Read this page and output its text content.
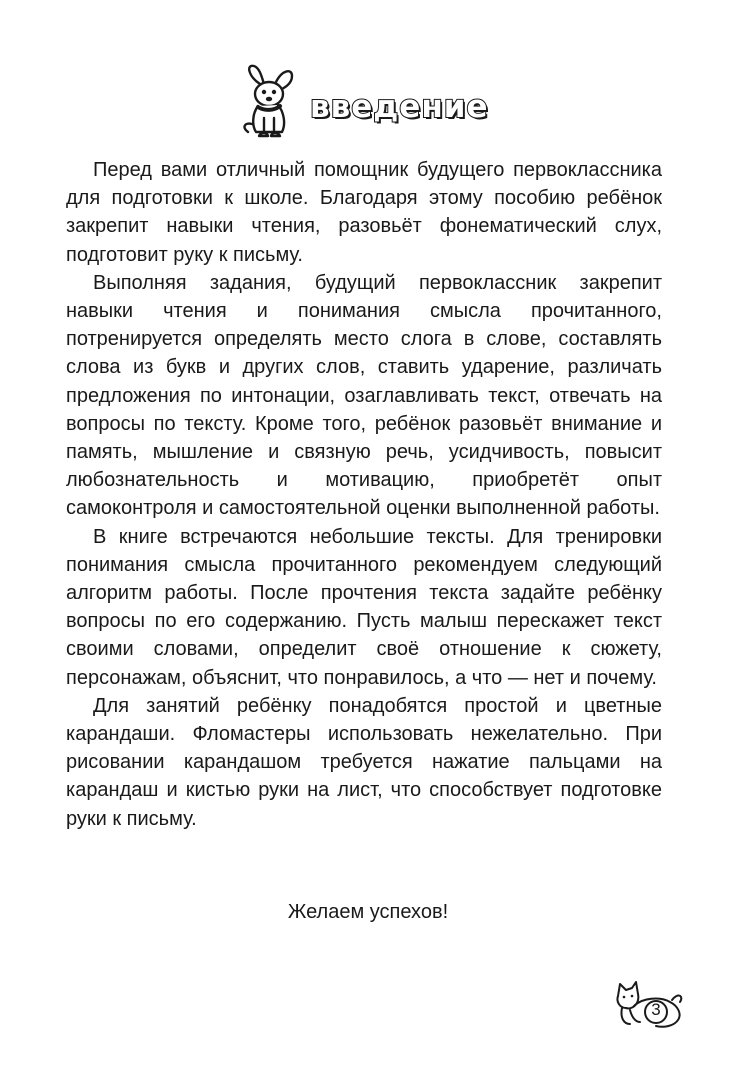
введение

Перед вами отличный помощник будущего первоклассника для подготовки к школе. Благодаря этому пособию ребёнок закрепит навыки чтения, разовьёт фонематический слух, подготовит руку к письму.

Выполняя задания, будущий первоклассник закрепит навыки чтения и понимания смысла прочитанного, потренируется определять место слога в слове, составлять слова из букв и других слов, ставить ударение, различать предложения по интонации, озаглавливать текст, отвечать на вопросы по тексту. Кроме того, ребёнок разовьёт внимание и память, мышление и связную речь, усидчивость, повысит любознательность и мотивацию, приобретёт опыт самоконтроля и самостоятельной оценки выполненной работы.

В книге встречаются небольшие тексты. Для тренировки понимания смысла прочитанного рекомендуем следующий алгоритм работы. После прочтения текста задайте ребёнку вопросы по его содержанию. Пусть малыш перескажет текст своими словами, определит своё отношение к сюжету, персонажам, объяснит, что понравилось, а что — нет и почему.

Для занятий ребёнку понадобятся простой и цветные карандаши. Фломастеры использовать нежелательно. При рисовании карандашом требуется нажатие пальцами на карандаш и кистью руки на лист, что способствует подготовке руки к письму.

Желаем успехов!
3
